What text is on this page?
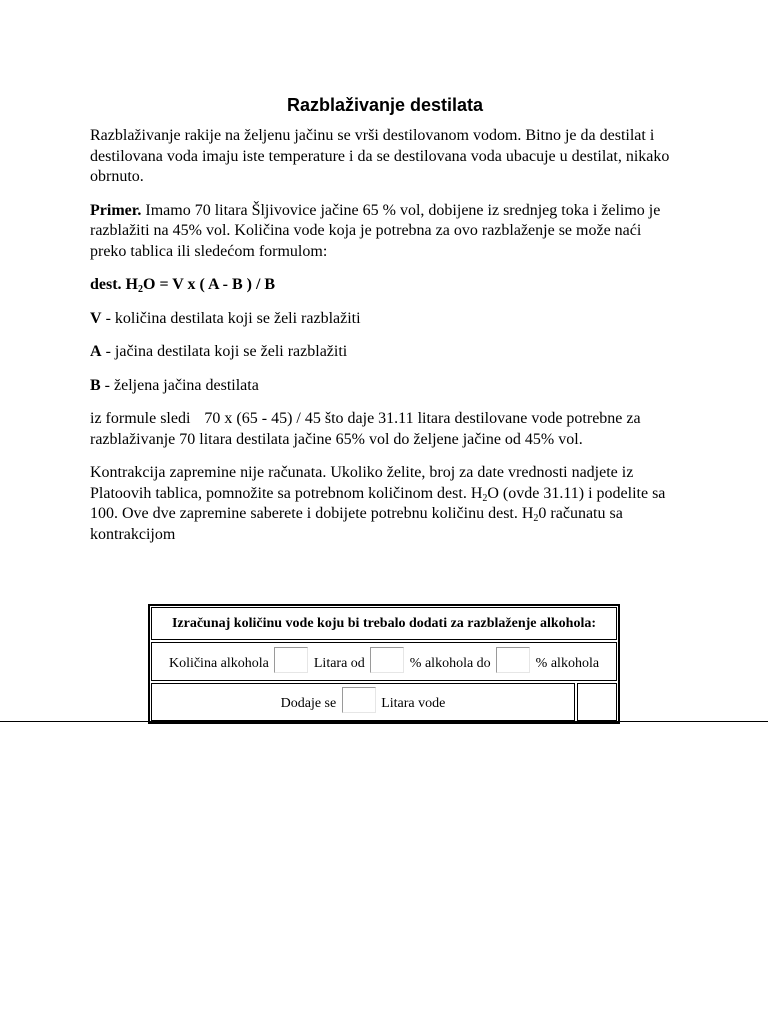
Razblaživanje destilata

Razblaživanje rakije na željenu jačinu se vrši destilovanom vodom. Bitno je da destilat i destilovana voda imaju iste temperature i da se destilovana voda ubacuje u destilat, nikako obrnuto.

Primer. Imamo 70 litara Šljivovice jačine 65 % vol, dobijene iz srednjeg toka i želimo je razblažiti na 45% vol. Količina vode koja je potrebna za ovo razblaženje se može naći preko tablica ili sledećom formulom:

dest. $H_2O = V$ x ( A - B ) / B

V - količina destilata koji se želi razblažiti

A - jačina destilata koji se želi razblažiti

B - željena jačina destilata

iz formule sledi 70 x (65 - 45) / 45 što daje 31.11 litara destilovane vode potrebne za razblaživanje 70 litara destilata jačine 65% vol do željene jačine od 45% vol.

Kontrakcija zapremine nije računata. Ukoliko želite, broj za date vrednosti nadjete iz Platoovih tablica, pomnožite sa potrebnom količinom dest. $H_2O$ (ovde 31.11) i podelite sa 100. Ove dve zapremine saberete i dobijete potrebnu količinu dest. $H_20$ računatu sa kontrakcijom

Izračunaj količinu vode koju bi trebalo dodati za razblaženje alkohola:
Količina alkohola	Litara od	% alkohola do	% alkohola
Dodaje se	Litara vode
